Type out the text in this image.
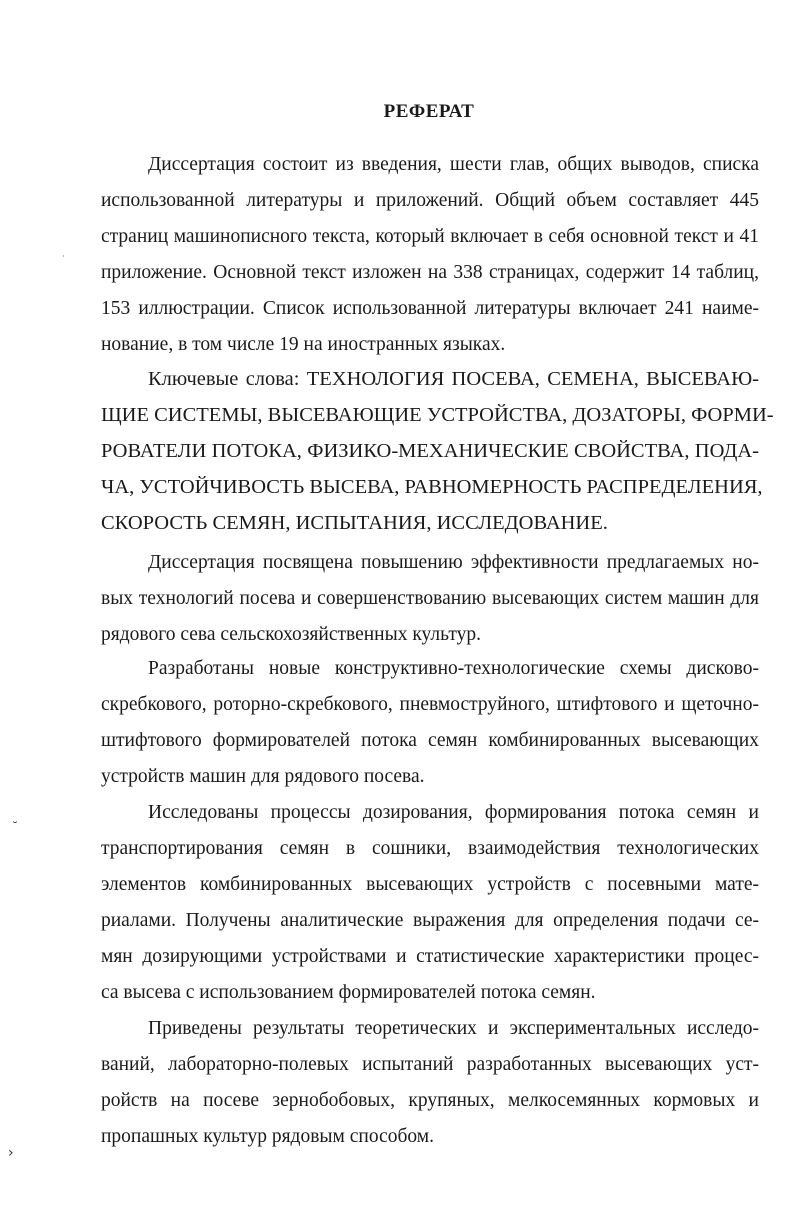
РЕФЕРАТ
Диссертация состоит из введения, шести глав, общих выводов, списка
использованной литературы и приложений. Общий объем составляет 445
страниц машинописного текста, который включает в себя основной текст и 41
приложение. Основной текст изложен на 338 страницах, содержит 14 таблиц,
153 иллюстрации. Список использованной литературы включает 241 наиме-
нование, в том числе 19 на иностранных языках.
Ключевые слова: ТЕХНОЛОГИЯ ПОСЕВА, СЕМЕНА, ВЫСЕВАЮ-
ЩИЕ СИСТЕМЫ, ВЫСЕВАЮЩИЕ УСТРОЙСТВА, ДОЗАТОРЫ, ФОРМИ-
РОВАТЕЛИ ПОТОКА, ФИЗИКО-МЕХАНИЧЕСКИЕ СВОЙСТВА, ПОДА-
ЧА, УСТОЙЧИВОСТЬ ВЫСЕВА, РАВНОМЕРНОСТЬ РАСПРЕДЕЛЕНИЯ,
СКОРОСТЬ СЕМЯН, ИСПЫТАНИЯ, ИССЛЕДОВАНИЕ.
Диссертация посвящена повышению эффективности предлагаемых но-
вых технологий посева и совершенствованию высевающих систем машин для
рядового сева сельскохозяйственных культур.
Разработаны новые конструктивно-технологические схемы дисково-
скребкового, роторно-скребкового, пневмоструйного, штифтового и щеточно-
штифтового формирователей потока семян комбинированных высевающих
устройств машин для рядового посева.
Исследованы процессы дозирования, формирования потока семян и
транспортирования семян в сошники, взаимодействия технологических
элементов комбинированных высевающих устройств с посевными мате-
риалами. Получены аналитические выражения для определения подачи се-
мян дозирующими устройствами и статистические характеристики процес-
са высева с использованием формирователей потока семян.
Приведены результаты теоретических и экспериментальных исследо-
ваний, лабораторно-полевых испытаний разработанных высевающих уст-
ройств на посеве зернобобовых, крупяных, мелкосемянных кормовых и
пропашных культур рядовым способом.
˘
›
·
